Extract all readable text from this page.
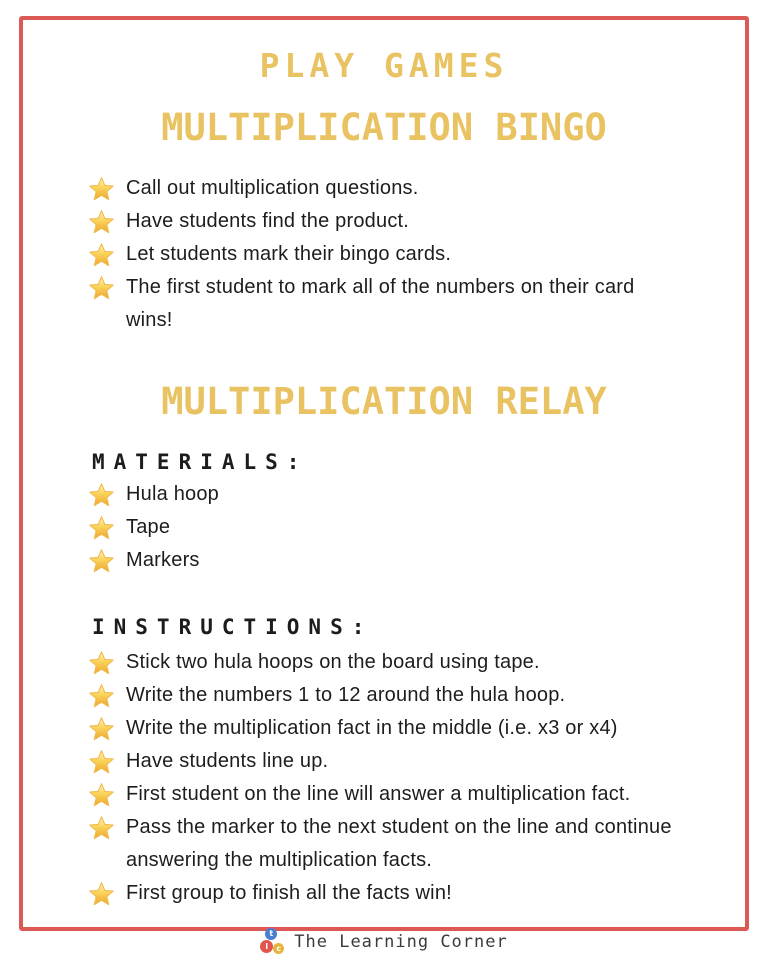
PLAY GAMES
MULTIPLICATION BINGO
Call out multiplication questions.
Have students find the product.
Let students mark their bingo cards.
The first student to mark all of the numbers on their card
wins!
MULTIPLICATION RELAY
MATERIALS:
Hula hoop
Tape
Markers
INSTRUCTIONS:
Stick two hula hoops on the board using tape.
Write the numbers 1 to 12 around the hula hoop.
Write the multiplication fact in the middle (i.e. x3 or x4)
Have students line up.
First student on the line will answer a multiplication fact.
Pass the marker to the next student on the line and continue
answering the multiplication facts.
First group to finish all the facts win!
t
l	c The Learning Corner
